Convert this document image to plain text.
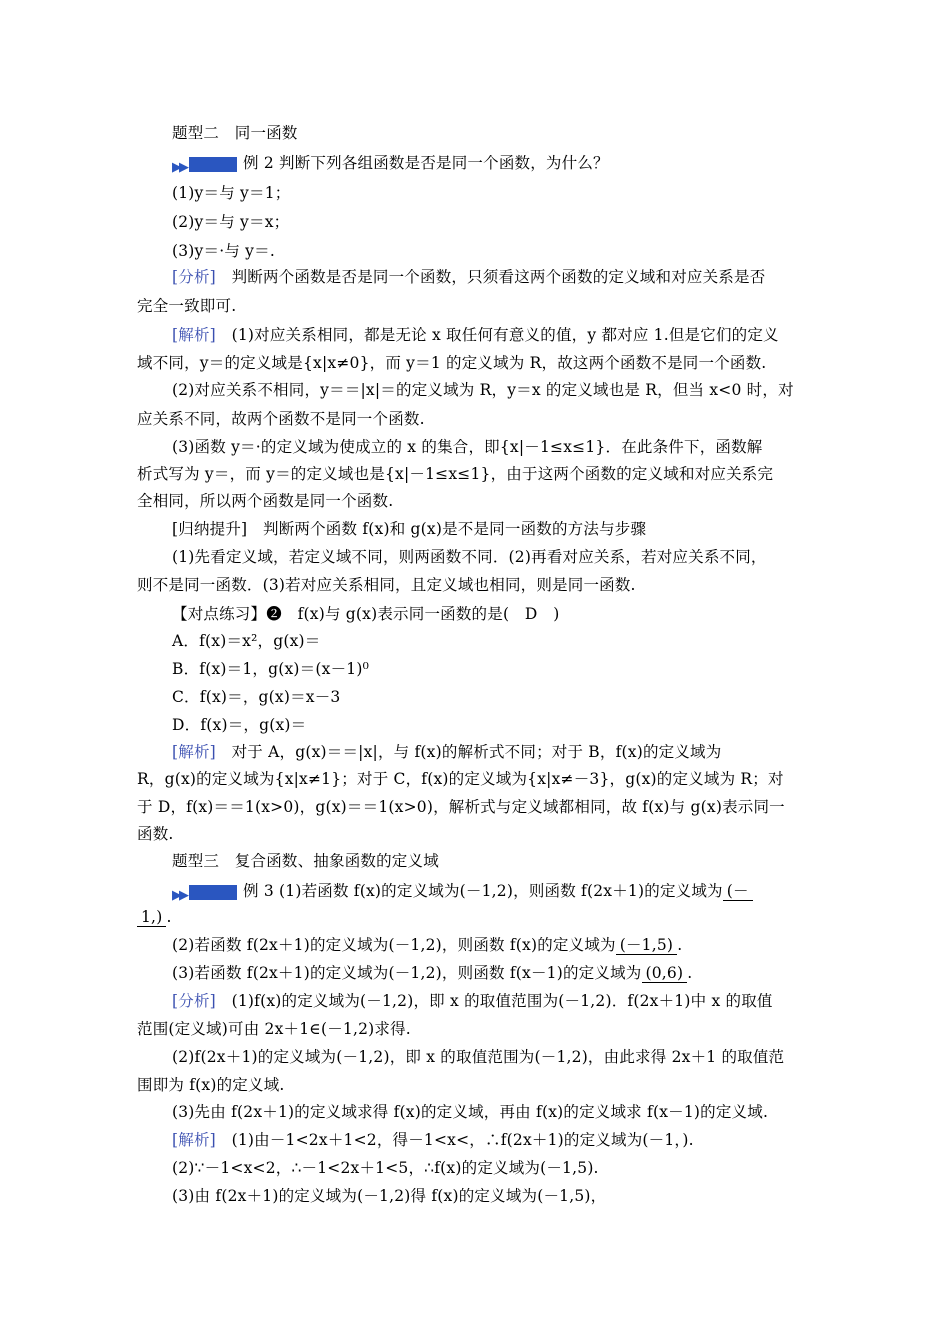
题型二　同一函数
▶▶	例 2 判断下列各组函数是否是同一个函数，为什么？
(1)y＝与 y＝1；
(2)y＝与 y＝x；
(3)y＝·与 y＝.
[分析]　判断两个函数是否是同一个函数，只须看这两个函数的定义域和对应关系是否
完全一致即可.
[解析]　(1)对应关系相同，都是无论 x 取任何有意义的值，y 都对应 1.但是它们的定义
域不同，y＝的定义域是{x|x≠0}，而 y＝1 的定义域为 R，故这两个函数不是同一个函数.
(2)对应关系不相同，y＝＝|x|＝的定义域为 R，y＝x 的定义域也是 R，但当 x<0 时，对
应关系不同，故两个函数不是同一个函数.
(3)函数 y＝·的定义域为使成立的 x 的集合，即{x|－1≤x≤1}．在此条件下，函数解
析式写为 y＝，而 y＝的定义域也是{x|－1≤x≤1}，由于这两个函数的定义域和对应关系完
全相同，所以两个函数是同一个函数.
[归纳提升]　判断两个函数 f(x)和 g(x)是不是同一函数的方法与步骤
(1)先看定义域，若定义域不同，则两函数不同．(2)再看对应关系，若对应关系不同，
则不是同一函数．(3)若对应关系相同，且定义域也相同，则是同一函数.
【对点练习】❷　f(x)与 g(x)表示同一函数的是(　D　)
A．f(x)＝x²，g(x)＝
B．f(x)＝1，g(x)＝(x－1)⁰
C．f(x)＝，g(x)＝x－3
D．f(x)＝，g(x)＝
[解析]　对于 A，g(x)＝＝|x|，与 f(x)的解析式不同；对于 B，f(x)的定义域为
R，g(x)的定义域为{x|x≠1}；对于 C，f(x)的定义域为{x|x≠－3}，g(x)的定义域为 R；对
于 D，f(x)＝＝1(x>0)，g(x)＝＝1(x>0)，解析式与定义域都相同，故 f(x)与 g(x)表示同一
函数.
题型三　复合函数、抽象函数的定义域
▶▶	例 3 (1)若函数 f(x)的定义域为(－1,2)，则函数 f(2x＋1)的定义域为 (－
1,) .
(2)若函数 f(2x＋1)的定义域为(－1,2)，则函数 f(x)的定义域为 (－1,5) .
(3)若函数 f(2x＋1)的定义域为(－1,2)，则函数 f(x－1)的定义域为 (0,6) .
[分析]　(1)f(x)的定义域为(－1,2)，即 x 的取值范围为(－1,2)．f(2x＋1)中 x 的取值
范围(定义域)可由 2x＋1∈(－1,2)求得.
(2)f(2x＋1)的定义域为(－1,2)，即 x 的取值范围为(－1,2)，由此求得 2x＋1 的取值范
围即为 f(x)的定义域.
(3)先由 f(2x＋1)的定义域求得 f(x)的定义域，再由 f(x)的定义域求 f(x－1)的定义域.
[解析]　(1)由－1<2x＋1<2，得－1<x<，∴f(2x＋1)的定义域为(－1，).
(2)∵－1<x<2，∴－1<2x＋1<5，∴f(x)的定义域为(－1,5).
(3)由 f(2x＋1)的定义域为(－1,2)得 f(x)的定义域为(－1,5)，
